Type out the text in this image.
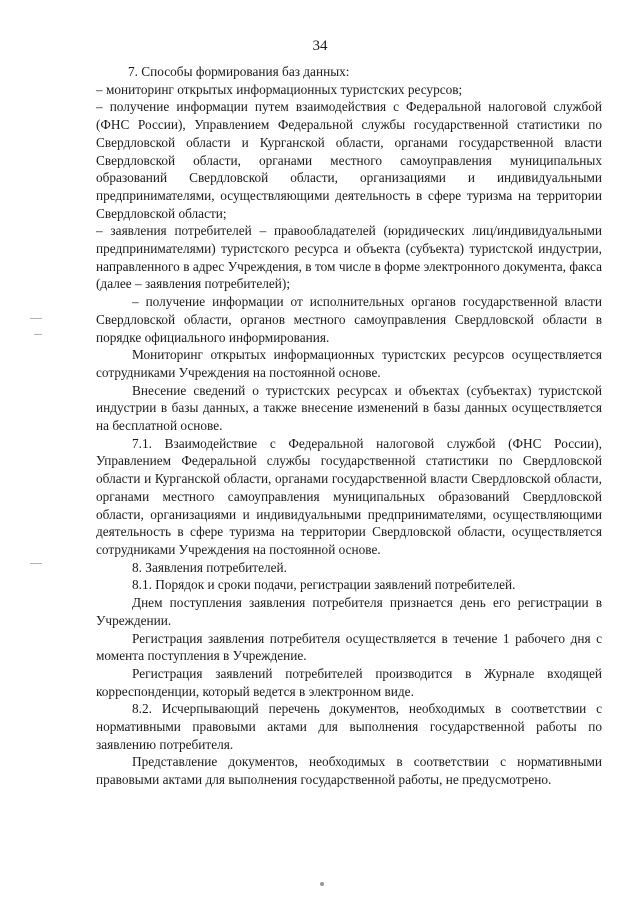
34

7. Способы формирования баз данных:

– мониторинг открытых информационных туристских ресурсов;

– получение информации путем взаимодействия с Федеральной налоговой службой (ФНС России), Управлением Федеральной службы государственной статистики по Свердловской области и Курганской области, органами государственной власти Свердловской области, органами местного самоуправления муниципальных образований Свердловской области, организациями и индивидуальными предпринимателями, осуществляющими деятельность в сфере туризма на территории Свердловской области;

– заявления потребителей – правообладателей (юридических лиц/индивидуальными предпринимателями) туристского ресурса и объекта (субъекта) туристской индустрии, направленного в адрес Учреждения, в том числе в форме электронного документа, факса (далее – заявления потребителей);

– получение информации от исполнительных органов государственной власти Свердловской области, органов местного самоуправления Свердловской области в порядке официального информирования.

Мониторинг открытых информационных туристских ресурсов осуществляется сотрудниками Учреждения на постоянной основе.

Внесение сведений о туристских ресурсах и объектах (субъектах) туристской индустрии в базы данных, а также внесение изменений в базы данных осуществляется на бесплатной основе.

7.1. Взаимодействие с Федеральной налоговой службой (ФНС России), Управлением Федеральной службы государственной статистики по Свердловской области и Курганской области, органами государственной власти Свердловской области, органами местного самоуправления муниципальных образований Свердловской области, организациями и индивидуальными предпринимателями, осуществляющими деятельность в сфере туризма на территории Свердловской области, осуществляется сотрудниками Учреждения на постоянной основе.

8. Заявления потребителей.

8.1. Порядок и сроки подачи, регистрации заявлений потребителей.

Днем поступления заявления потребителя признается день его регистрации в Учреждении.

Регистрация заявления потребителя осуществляется в течение 1 рабочего дня с момента поступления в Учреждение.

Регистрация заявлений потребителей производится в Журнале входящей корреспонденции, который ведется в электронном виде.

8.2. Исчерпывающий перечень документов, необходимых в соответствии с нормативными правовыми актами для выполнения государственной работы по заявлению потребителя.

Представление документов, необходимых в соответствии с нормативными правовыми актами для выполнения государственной работы, не предусмотрено.
